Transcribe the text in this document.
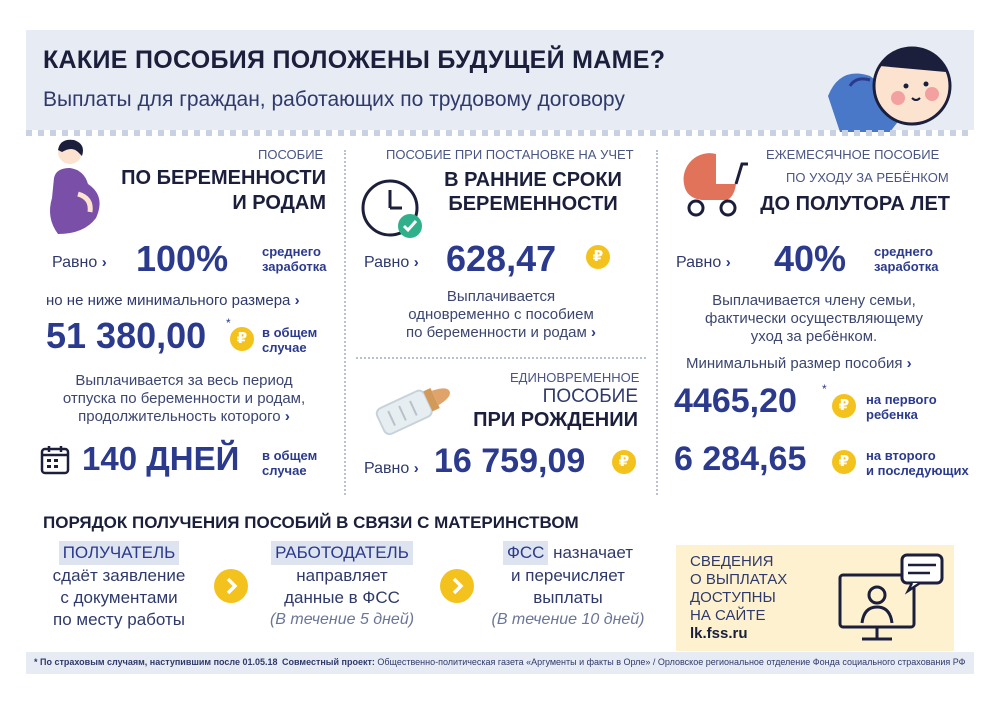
КАКИЕ ПОСОБИЯ ПОЛОЖЕНЫ БУДУЩЕЙ МАМЕ?
Выплаты для граждан, работающих по трудовому договору
ПОСОБИЕ
ПО БЕРЕМЕННОСТИ
И РОДАМ
Равно › 100%	среднего
заработка
но не ниже минимального размера ›
51 380,00 *
₽	в общем
случае
Выплачивается за весь период
отпуска по беременности и родам,
продолжительность которого ›
140 ДНЕЙ в общем
случае
ПОСОБИЕ ПРИ ПОСТАНОВКЕ НА УЧЕТ
В РАННИЕ СРОКИ
БЕРЕМЕННОСТИ
Равно › 628,47	₽
Выплачивается
одновременно с пособием
по беременности и родам ›
ЕДИНОВРЕМЕННОЕ
ПОСОБИЕ
ПРИ РОЖДЕНИИ
Равно › 16 759,09	₽
ЕЖЕМЕСЯЧНОЕ ПОСОБИЕ
ПО УХОДУ ЗА РЕБЁНКОМ
ДО ПОЛУТОРА ЛЕТ
Равно › 40% среднего
заработка
Выплачивается члену семьи,
фактически осуществляющему
уход за ребёнком.
Минимальный размер пособия ›
4465,20 *
₽	на первого
ребенка
6 284,65	₽	на второго
и последующих
ПОРЯДОК ПОЛУЧЕНИЯ ПОСОБИЙ В СВЯЗИ С МАТЕРИНСТВОМ
ПОЛУЧАТЕЛЬ
сдаёт заявление
с документами
по месту работы
РАБОТОДАТЕЛЬ
направляет
данные в ФСС
(В течение 5 дней)
ФСС назначает
и перечисляет
выплаты
(В течение 10 дней)
СВЕДЕНИЯ
О ВЫПЛАТАХ
ДОСТУПНЫ
НА САЙТЕ
lk.fss.ru
* По страховым случаям, наступившим после 01.05.18 Совместный проект: Общественно-политическая газета «Аргументы и факты в Орле» / Орловское региональное отделение Фонда социального страхования РФ
